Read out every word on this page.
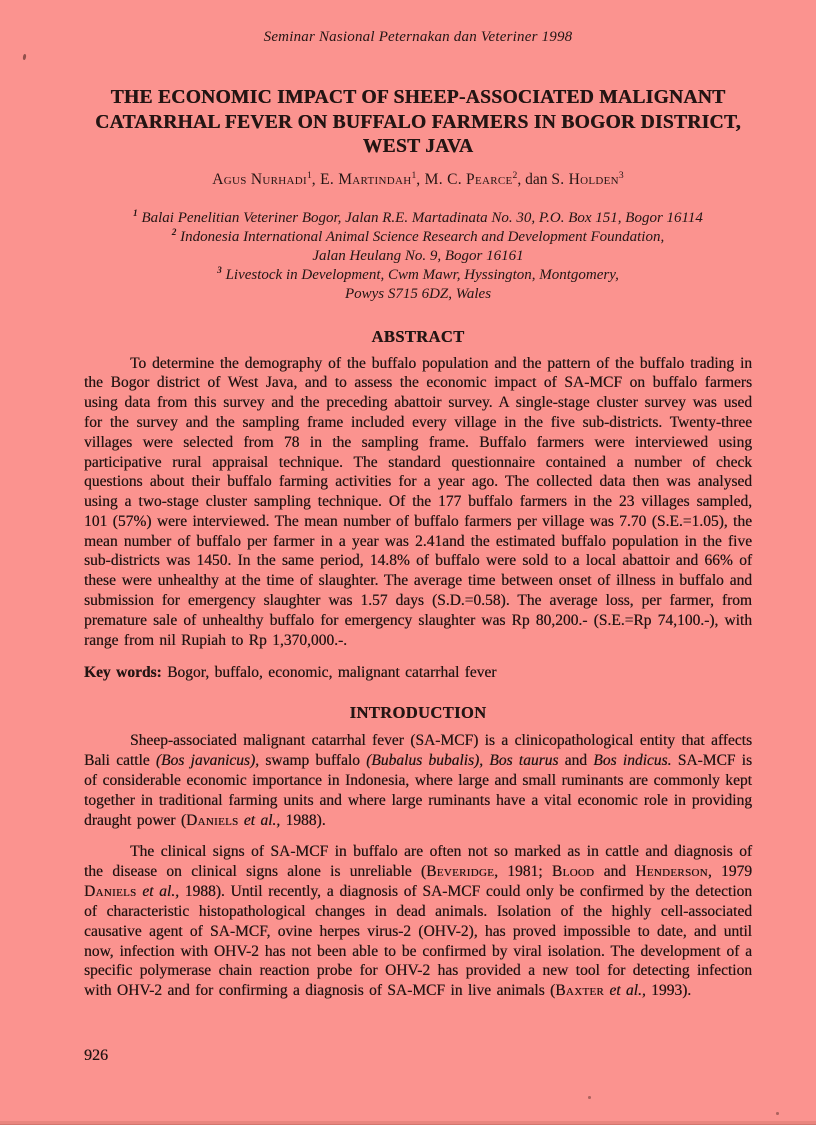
Seminar Nasional Peternakan dan Veteriner 1998
THE ECONOMIC IMPACT OF SHEEP-ASSOCIATED MALIGNANT
CATARRHAL FEVER ON BUFFALO FARMERS IN BOGOR DISTRICT,
WEST JAVA
Agus Nurhadi$^1$, E. Martindah$^1$, M. C. Pearce$^2$, dan S. Holden$^3$
$^1$ Balai Penelitian Veteriner Bogor, Jalan R.E. Martadinata No. 30, P.O. Box 151, Bogor 16114
$^2$ Indonesia International Animal Science Research and Development Foundation,
Jalan Heulang No. 9, Bogor 16161
$^3$ Livestock in Development, Cwm Mawr, Hyssington, Montgomery,
Powys S715 6DZ, Wales
ABSTRACT

To determine the demography of the buffalo population and the pattern of the buffalo trading in the Bogor district of West Java, and to assess the economic impact of SA-MCF on buffalo farmers using data from this survey and the preceding abattoir survey. A single-stage cluster survey was used for the survey and the sampling frame included every village in the five sub-districts. Twenty-three villages were selected from 78 in the sampling frame. Buffalo farmers were interviewed using participative rural appraisal technique. The standard questionnaire contained a number of check questions about their buffalo farming activities for a year ago. The collected data then was analysed using a two-stage cluster sampling technique. Of the 177 buffalo farmers in the 23 villages sampled, 101 (57%) were interviewed. The mean number of buffalo farmers per village was 7.70 (S.E.=1.05), the mean number of buffalo per farmer in a year was 2.41and the estimated buffalo population in the five sub-districts was 1450. In the same period, 14.8% of buffalo were sold to a local abattoir and 66% of these were unhealthy at the time of slaughter. The average time between onset of illness in buffalo and submission for emergency slaughter was 1.57 days (S.D.=0.58). The average loss, per farmer, from premature sale of unhealthy buffalo for emergency slaughter was Rp 80,200.- (S.E.=Rp 74,100.-), with range from nil Rupiah to Rp 1,370,000.-.

Key words: Bogor, buffalo, economic, malignant catarrhal fever

INTRODUCTION

Sheep-associated malignant catarrhal fever (SA-MCF) is a clinicopathological entity that affects Bali cattle (Bos javanicus), swamp buffalo (Bubalus bubalis), Bos taurus and Bos indicus. SA-MCF is of considerable economic importance in Indonesia, where large and small ruminants are commonly kept together in traditional farming units and where large ruminants have a vital economic role in providing draught power (Daniels et al., 1988).

The clinical signs of SA-MCF in buffalo are often not so marked as in cattle and diagnosis of the disease on clinical signs alone is unreliable (Beveridge, 1981; Blood and Henderson, 1979 Daniels et al., 1988). Until recently, a diagnosis of SA-MCF could only be confirmed by the detection of characteristic histopathological changes in dead animals. Isolation of the highly cell-associated causative agent of SA-MCF, ovine herpes virus-2 (OHV-2), has proved impossible to date, and until now, infection with OHV-2 has not been able to be confirmed by viral isolation. The development of a specific polymerase chain reaction probe for OHV-2 has provided a new tool for detecting infection with OHV-2 and for confirming a diagnosis of SA-MCF in live animals (Baxter et al., 1993).

926
